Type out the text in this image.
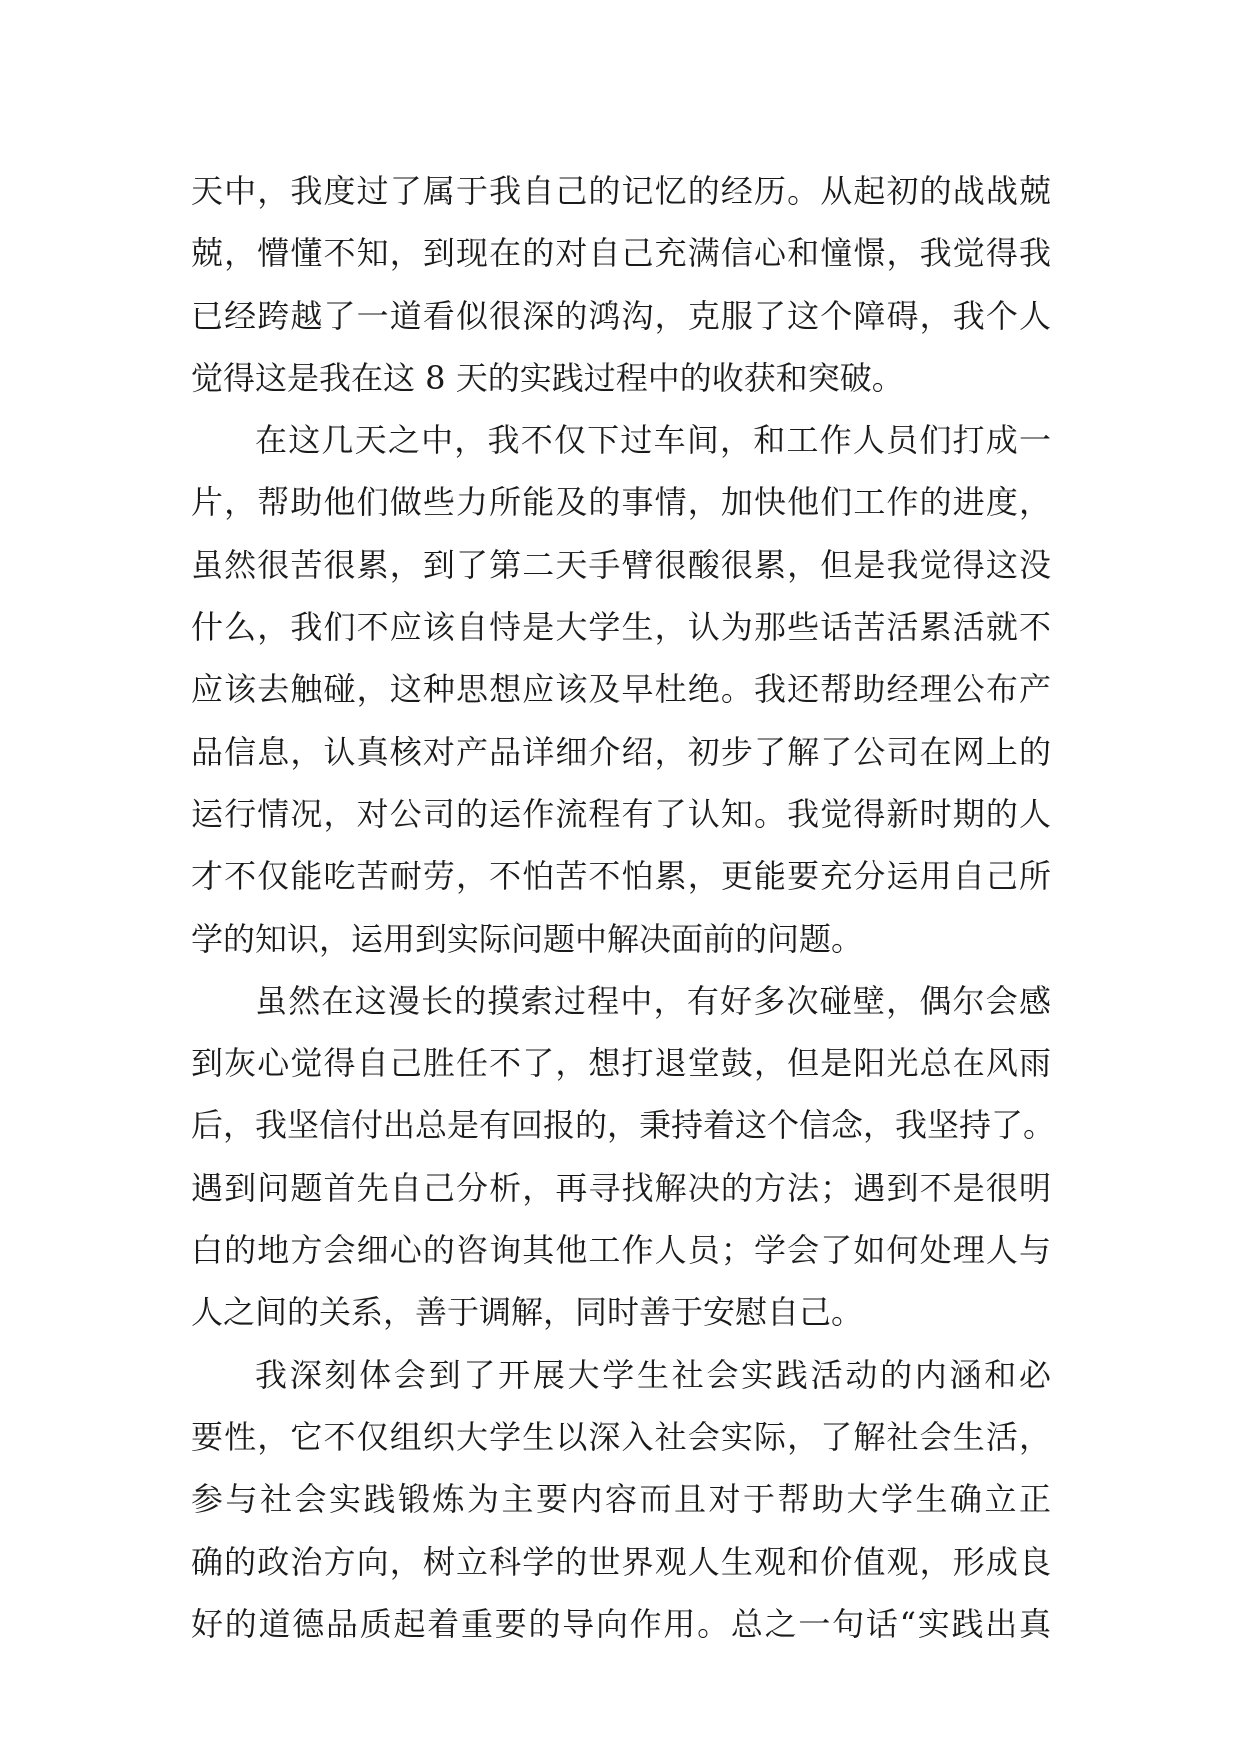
天中，我度过了属于我自己的记忆的经历。从起初的战战兢
兢，懵懂不知，到现在的对自己充满信心和憧憬，我觉得我
已经跨越了一道看似很深的鸿沟，克服了这个障碍，我个人
觉得这是我在这 8 天的实践过程中的收获和突破。
在这几天之中，我不仅下过车间，和工作人员们打成一
片，帮助他们做些力所能及的事情，加快他们工作的进度，
虽然很苦很累，到了第二天手臂很酸很累，但是我觉得这没
什么，我们不应该自恃是大学生，认为那些话苦活累活就不
应该去触碰，这种思想应该及早杜绝。我还帮助经理公布产
品信息，认真核对产品详细介绍，初步了解了公司在网上的
运行情况，对公司的运作流程有了认知。我觉得新时期的人
才不仅能吃苦耐劳，不怕苦不怕累，更能要充分运用自己所
学的知识，运用到实际问题中解决面前的问题。
虽然在这漫长的摸索过程中，有好多次碰壁，偶尔会感
到灰心觉得自己胜任不了，想打退堂鼓，但是阳光总在风雨
后，我坚信付出总是有回报的，秉持着这个信念，我坚持了。
遇到问题首先自己分析，再寻找解决的方法；遇到不是很明
白的地方会细心的咨询其他工作人员；学会了如何处理人与
人之间的关系，善于调解，同时善于安慰自己。
我深刻体会到了开展大学生社会实践活动的内涵和必
要性，它不仅组织大学生以深入社会实际，了解社会生活，
参与社会实践锻炼为主要内容而且对于帮助大学生确立正
确的政治方向，树立科学的世界观人生观和价值观，形成良
好的道德品质起着重要的导向作用。总之一句话“实践出真
